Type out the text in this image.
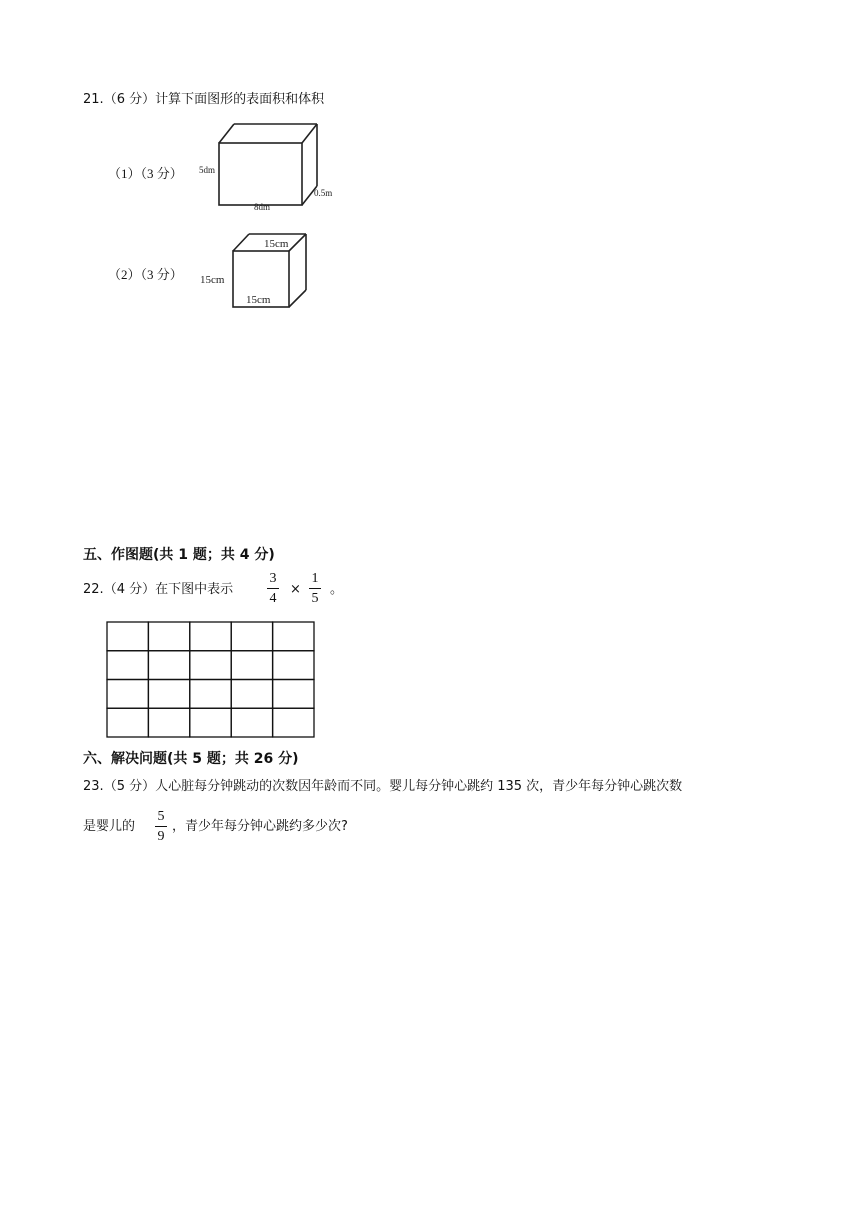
21.（6 分）计算下面图形的表面积和体积
（1）（3 分） 5dm
8dm
0.5m
（2）（3 分）
15cm
15cm
15cm
五、作图题(共 1 题；共 4 分)
22.（4 分）在下图中表示
3
4
×
1
5
。
六、解决问题(共 5 题；共 26 分)
23.（5 分）人心脏每分钟跳动的次数因年龄而不同。婴儿每分钟心跳约 135 次，青少年每分钟心跳次数
是婴儿的
5
9
，青少年每分钟心跳约多少次?
